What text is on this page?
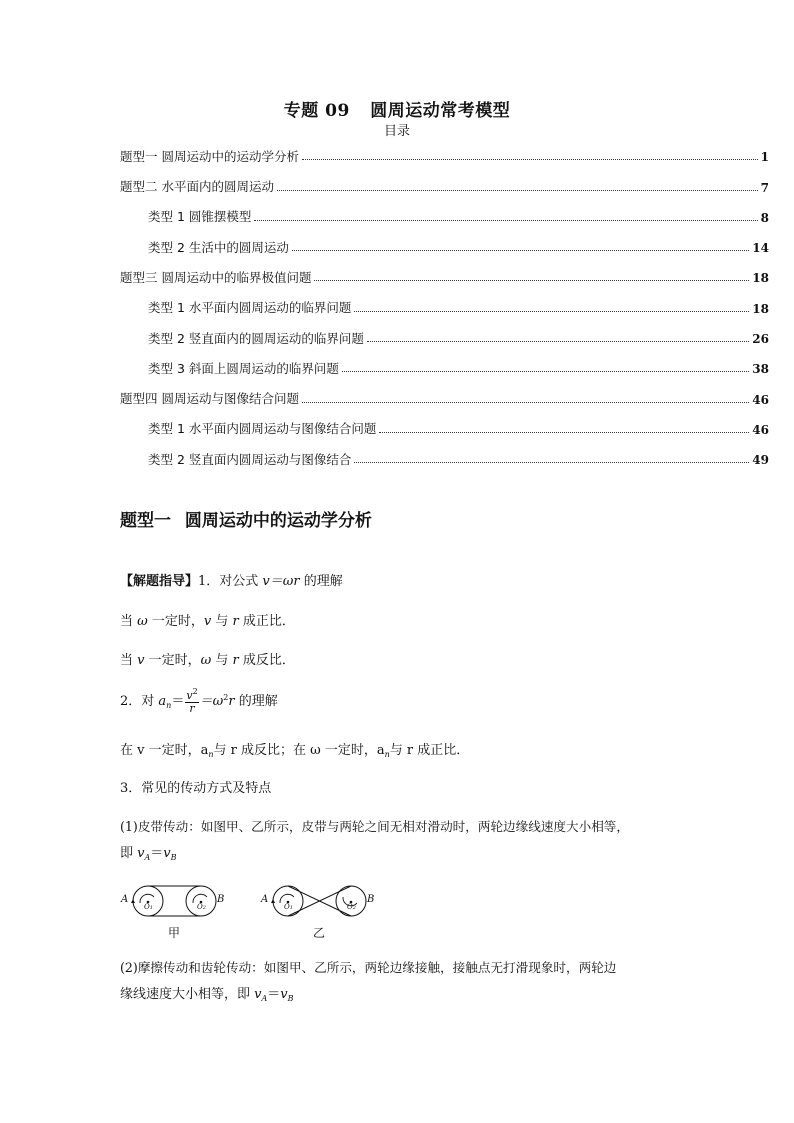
专题 09 圆周运动常考模型
目录
题型一 圆周运动中的运动学分析	1
题型二 水平面内的圆周运动	7
类型 1 圆锥摆模型	8
类型 2 生活中的圆周运动	14
题型三 圆周运动中的临界极值问题	18
类型 1 水平面内圆周运动的临界问题	18
类型 2 竖直面内的圆周运动的临界问题	26
类型 3 斜面上圆周运动的临界问题	38
题型四 圆周运动与图像结合问题	46
类型 1 水平面内圆周运动与图像结合问题	46
类型 2 竖直面内圆周运动与图像结合	49
题型一 圆周运动中的运动学分析
【解题指导】1．对公式 v＝ωr 的理解
当 ω 一定时，v 与 r 成正比．
当 v 一定时，ω 与 r 成反比．
2．对 $a_n= \frac{v^2}{r} =\omega^2r$ 的理解
在 v 一定时，$a_n$与 r 成反比；在 ω 一定时，$a_n$与 r 成正比．
3．常见的传动方式及特点
(1)皮带传动：如图甲、乙所示，皮带与两轮之间无相对滑动时，两轮边缘线速度大小相等，
即 $v_A=v_B$
A	B
O1	O2
A	B
O1	O2
甲	乙
(2)摩擦传动和齿轮传动：如图甲、乙所示，两轮边缘接触，接触点无打滑现象时，两轮边
缘线速度大小相等，即 $v_A=v_B$
